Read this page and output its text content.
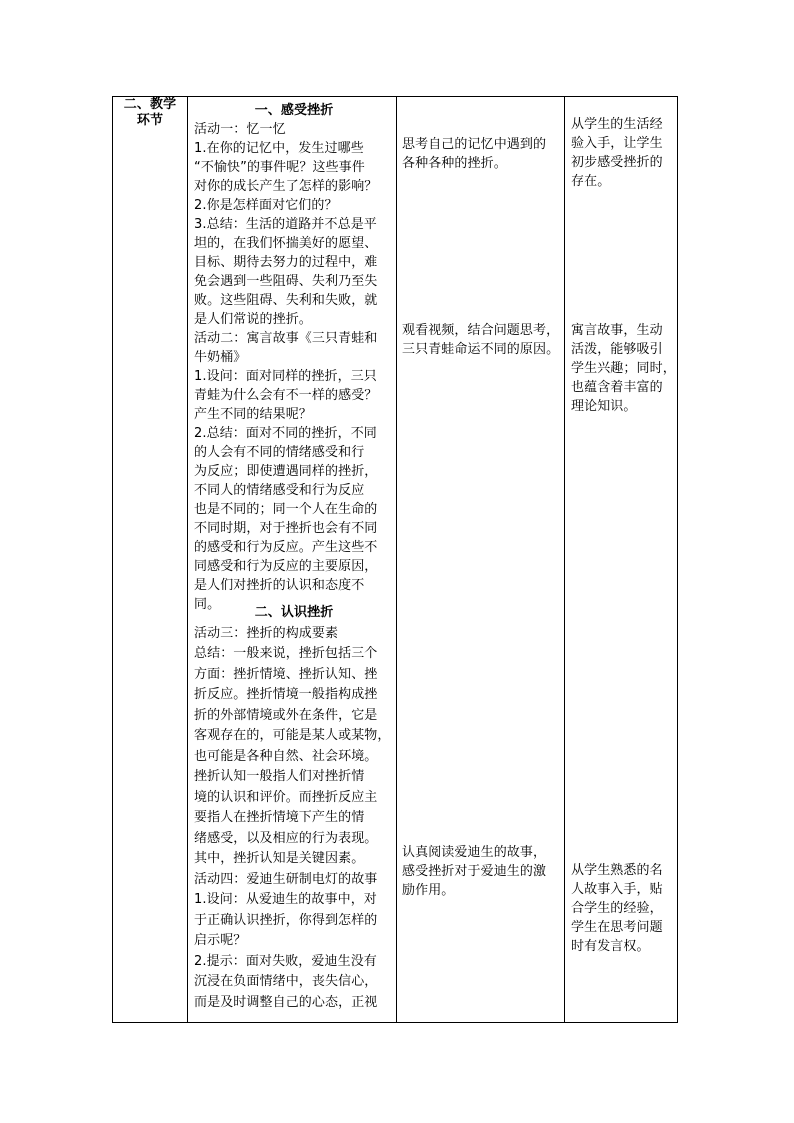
二、教学
环节
一、感受挫折
活动一：忆一忆
1.在你的记忆中，发生过哪些
“不愉快”的事件呢？这些事件
对你的成长产生了怎样的影响？
2.你是怎样面对它们的？
3.总结：生活的道路并不总是平
坦的，在我们怀揣美好的愿望、
目标、期待去努力的过程中，难
免会遇到一些阻碍、失利乃至失
败。这些阻碍、失利和失败，就
是人们常说的挫折。
活动二：寓言故事《三只青蛙和
牛奶桶》
1.设问：面对同样的挫折，三只
青蛙为什么会有不一样的感受？
产生不同的结果呢？
2.总结：面对不同的挫折，不同
的人会有不同的情绪感受和行
为反应；即使遭遇同样的挫折，
不同人的情绪感受和行为反应
也是不同的；同一个人在生命的
不同时期，对于挫折也会有不同
的感受和行为反应。产生这些不
同感受和行为反应的主要原因，
是人们对挫折的认识和态度不
同。
二、认识挫折
活动三：挫折的构成要素
总结：一般来说，挫折包括三个
方面：挫折情境、挫折认知、挫
折反应。挫折情境一般指构成挫
折的外部情境或外在条件，它是
客观存在的，可能是某人或某物，
也可能是各种自然、社会环境。
挫折认知一般指人们对挫折情
境的认识和评价。而挫折反应主
要指人在挫折情境下产生的情
绪感受，以及相应的行为表现。
其中，挫折认知是关键因素。
活动四：爱迪生研制电灯的故事
1.设问：从爱迪生的故事中，对
于正确认识挫折，你得到怎样的
启示呢？
2.提示：面对失败，爱迪生没有
沉浸在负面情绪中，丧失信心，
而是及时调整自己的心态，正视
思考自己的记忆中遇到的
各种各种的挫折。
观看视频，结合问题思考，
三只青蛙命运不同的原因。
认真阅读爱迪生的故事，
感受挫折对于爱迪生的激
励作用。
从学生的生活经
验入手，让学生
初步感受挫折的
存在。
寓言故事，生动
活泼，能够吸引
学生兴趣；同时，
也蕴含着丰富的
理论知识。
从学生熟悉的名
人故事入手，贴
合学生的经验，
学生在思考问题
时有发言权。
